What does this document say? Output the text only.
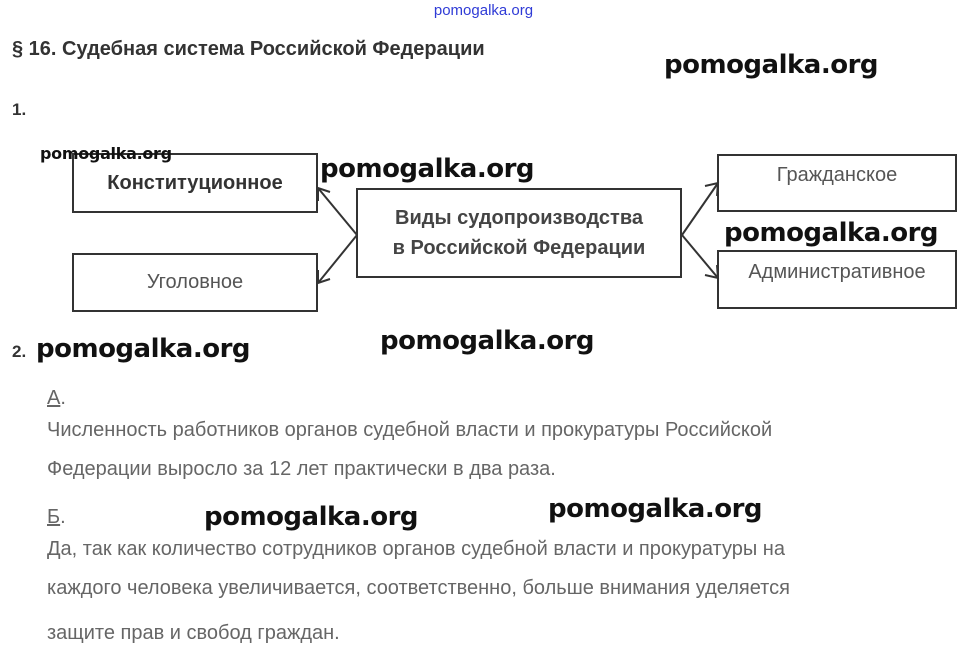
pomogalka.org
§ 16. Судебная система Российской Федерации
1.
Конституционное
Уголовное
Виды судопроизводства
в Российской Федерации
Гражданское
Административное
2.
А.
Численность работников органов судебной власти и прокуратуры Российской
Федерации выросло за 12 лет практически в два раза.
Б.
Да, так как количество сотрудников органов судебной власти и прокуратуры на
каждого человека увеличивается, соответственно, больше внимания уделяется
защите прав и свобод граждан.
pomogalka.org
pomogalka.org
pomogalka.org
pomogalka.org
pomogalka.org	pomogalka.org
pomogalka.org	pomogalka.org
